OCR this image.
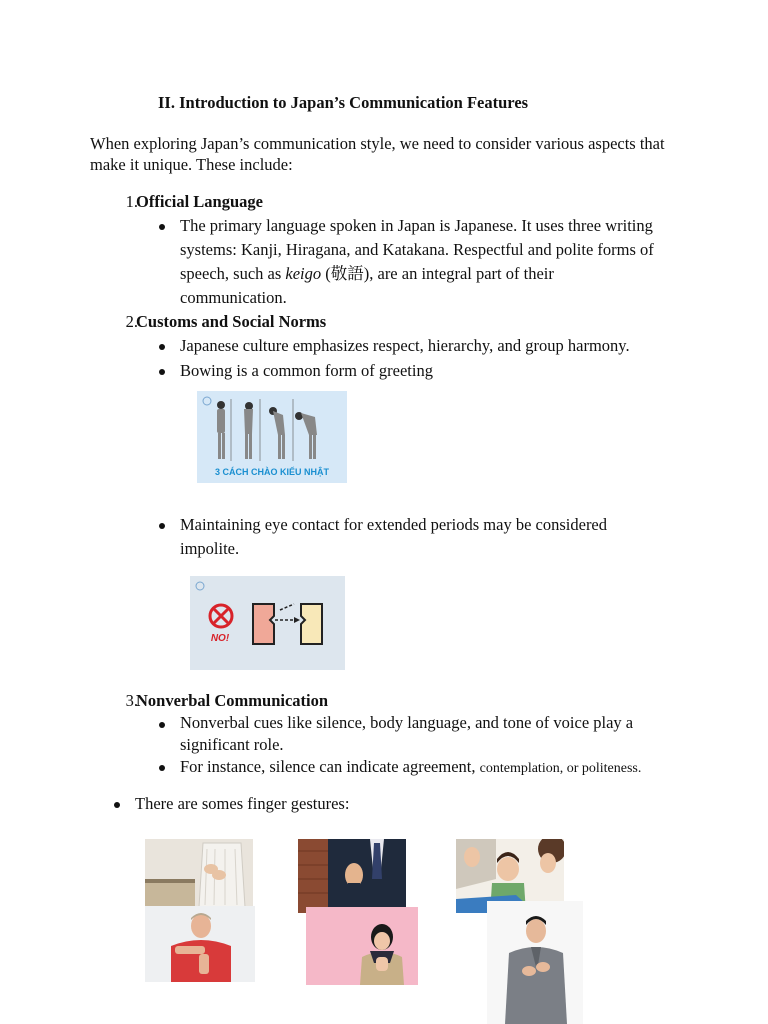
II. Introduction to Japan’s Communication Features
When exploring Japan’s communication style, we need to consider various aspects that make it unique. These include:
1.
Official Language
The primary language spoken in Japan is Japanese. It uses three writing systems: Kanji, Hiragana, and Katakana. Respectful and polite forms of speech, such as keigo (敬語), are an integral part of their communication.
2.
Customs and Social Norms
Japanese culture emphasizes respect, hierarchy, and group harmony.
Bowing is a common form of greeting
3 CÁCH CHÀO KIỂU NHẬT
Maintaining eye contact for extended periods may be considered impolite.
NO!
3.
Nonverbal Communication
Nonverbal cues like silence, body language, and tone of voice play a significant role.
For instance, silence can indicate agreement, contemplation, or politeness.
There are somes finger gestures:
